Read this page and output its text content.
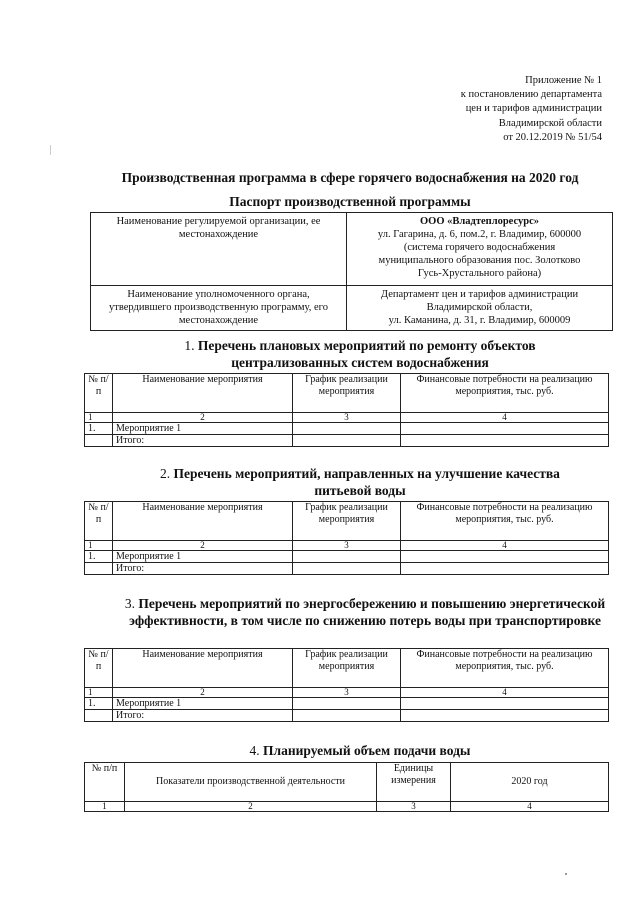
Приложение № 1
к постановлению департамента
цен и тарифов администрации
Владимирской области
от 20.12.2019 № 51/54
Производственная программа в сфере горячего водоснабжения на 2020 год
Паспорт производственной программы
Наименование регулируемой организации, ее местонахождение	ООО «Владтеплоресурс»
ул. Гагарина, д. 6, пом.2, г. Владимир, 600000
(система горячего водоснабжения
муниципального образования пос. Золотково
Гусь-Хрустального района)

Наименование уполномоченного органа, утвердившего производственную программу, его местонахождение	Департамент цен и тарифов администрации
Владимирской области,
ул. Каманина, д. 31, г. Владимир, 600009
1. Перечень плановых мероприятий по ремонту объектов централизованных систем водоснабжения
№ п/п	Наименование мероприятия	График реализации мероприятия	Финансовые потребности на реализацию мероприятия, тыс. руб.
1	2	3	4
1.	Мероприятие 1		
	Итого:		
2. Перечень мероприятий, направленных на улучшение качества питьевой воды
№ п/п	Наименование мероприятия	График реализации мероприятия	Финансовые потребности на реализацию мероприятия, тыс. руб.
1	2	3	4
1.	Мероприятие 1		
	Итого:		
3. Перечень мероприятий по энергосбережению и повышению энергетической эффективности, в том числе по снижению потерь воды при транспортировке
№ п/п	Наименование мероприятия	График реализации мероприятия	Финансовые потребности на реализацию мероприятия, тыс. руб.
1	2	3	4
1.	Мероприятие 1		
	Итого:		
4. Планируемый объем подачи воды
№ п/п	Показатели производственной деятельности	Единицы измерения	2020 год
1	2	3	4
